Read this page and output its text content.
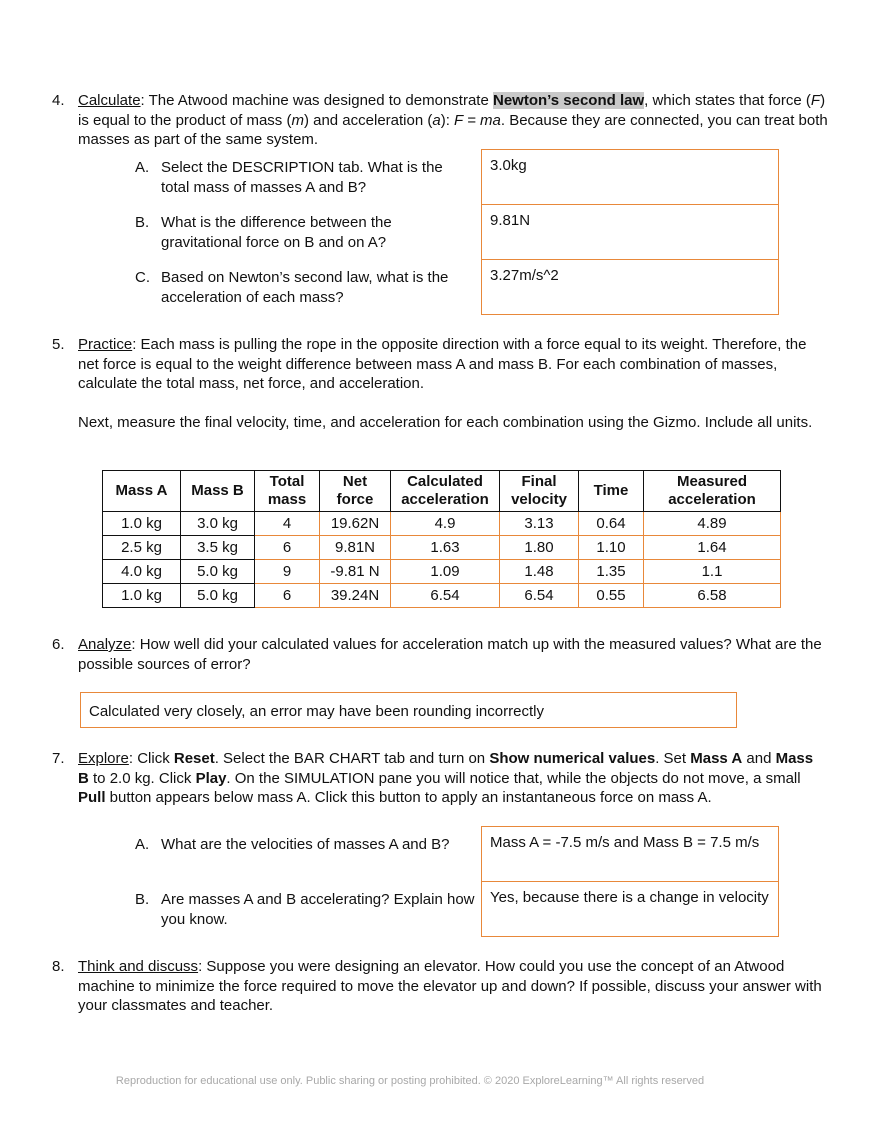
4. Calculate: The Atwood machine was designed to demonstrate Newton’s second law, which states that force (F) is equal to the product of mass (m) and acceleration (a): F = ma. Because they are connected, you can treat both masses as part of the same system.
A. Select the DESCRIPTION tab. What is the total mass of masses A and B?
3.0kg
B. What is the difference between the gravitational force on B and on A?
9.81N
C. Based on Newton’s second law, what is the acceleration of each mass?
3.27m/s^2
5. Practice: Each mass is pulling the rope in the opposite direction with a force equal to its weight. Therefore, the net force is equal to the weight difference between mass A and mass B. For each combination of masses, calculate the total mass, net force, and acceleration.
Next, measure the final velocity, time, and acceleration for each combination using the Gizmo. Include all units.
Mass A	Mass B	Total mass	Net force	Calculated acceleration	Final velocity	Time	Measured acceleration
1.0 kg	3.0 kg	4	19.62N	4.9	3.13	0.64	4.89
2.5 kg	3.5 kg	6	9.81N	1.63	1.80	1.10	1.64
4.0 kg	5.0 kg	9	-9.81 N	1.09	1.48	1.35	1.1
1.0 kg	5.0 kg	6	39.24N	6.54	6.54	0.55	6.58
6. Analyze: How well did your calculated values for acceleration match up with the measured values? What are the possible sources of error?
Calculated very closely, an error may have been rounding incorrectly
7. Explore: Click Reset. Select the BAR CHART tab and turn on Show numerical values. Set Mass A and Mass B to 2.0 kg. Click Play. On the SIMULATION pane you will notice that, while the objects do not move, a small Pull button appears below mass A. Click this button to apply an instantaneous force on mass A.
A. What are the velocities of masses A and B?	Mass A = -7.5 m/s and Mass B = 7.5 m/s
B. Are masses A and B accelerating? Explain how you know.
Yes, because there is a change in velocity
8. Think and discuss: Suppose you were designing an elevator. How could you use the concept of an Atwood machine to minimize the force required to move the elevator up and down? If possible, discuss your answer with your classmates and teacher.
Reproduction for educational use only. Public sharing or posting prohibited. © 2020 ExploreLearning™ All rights reserved
